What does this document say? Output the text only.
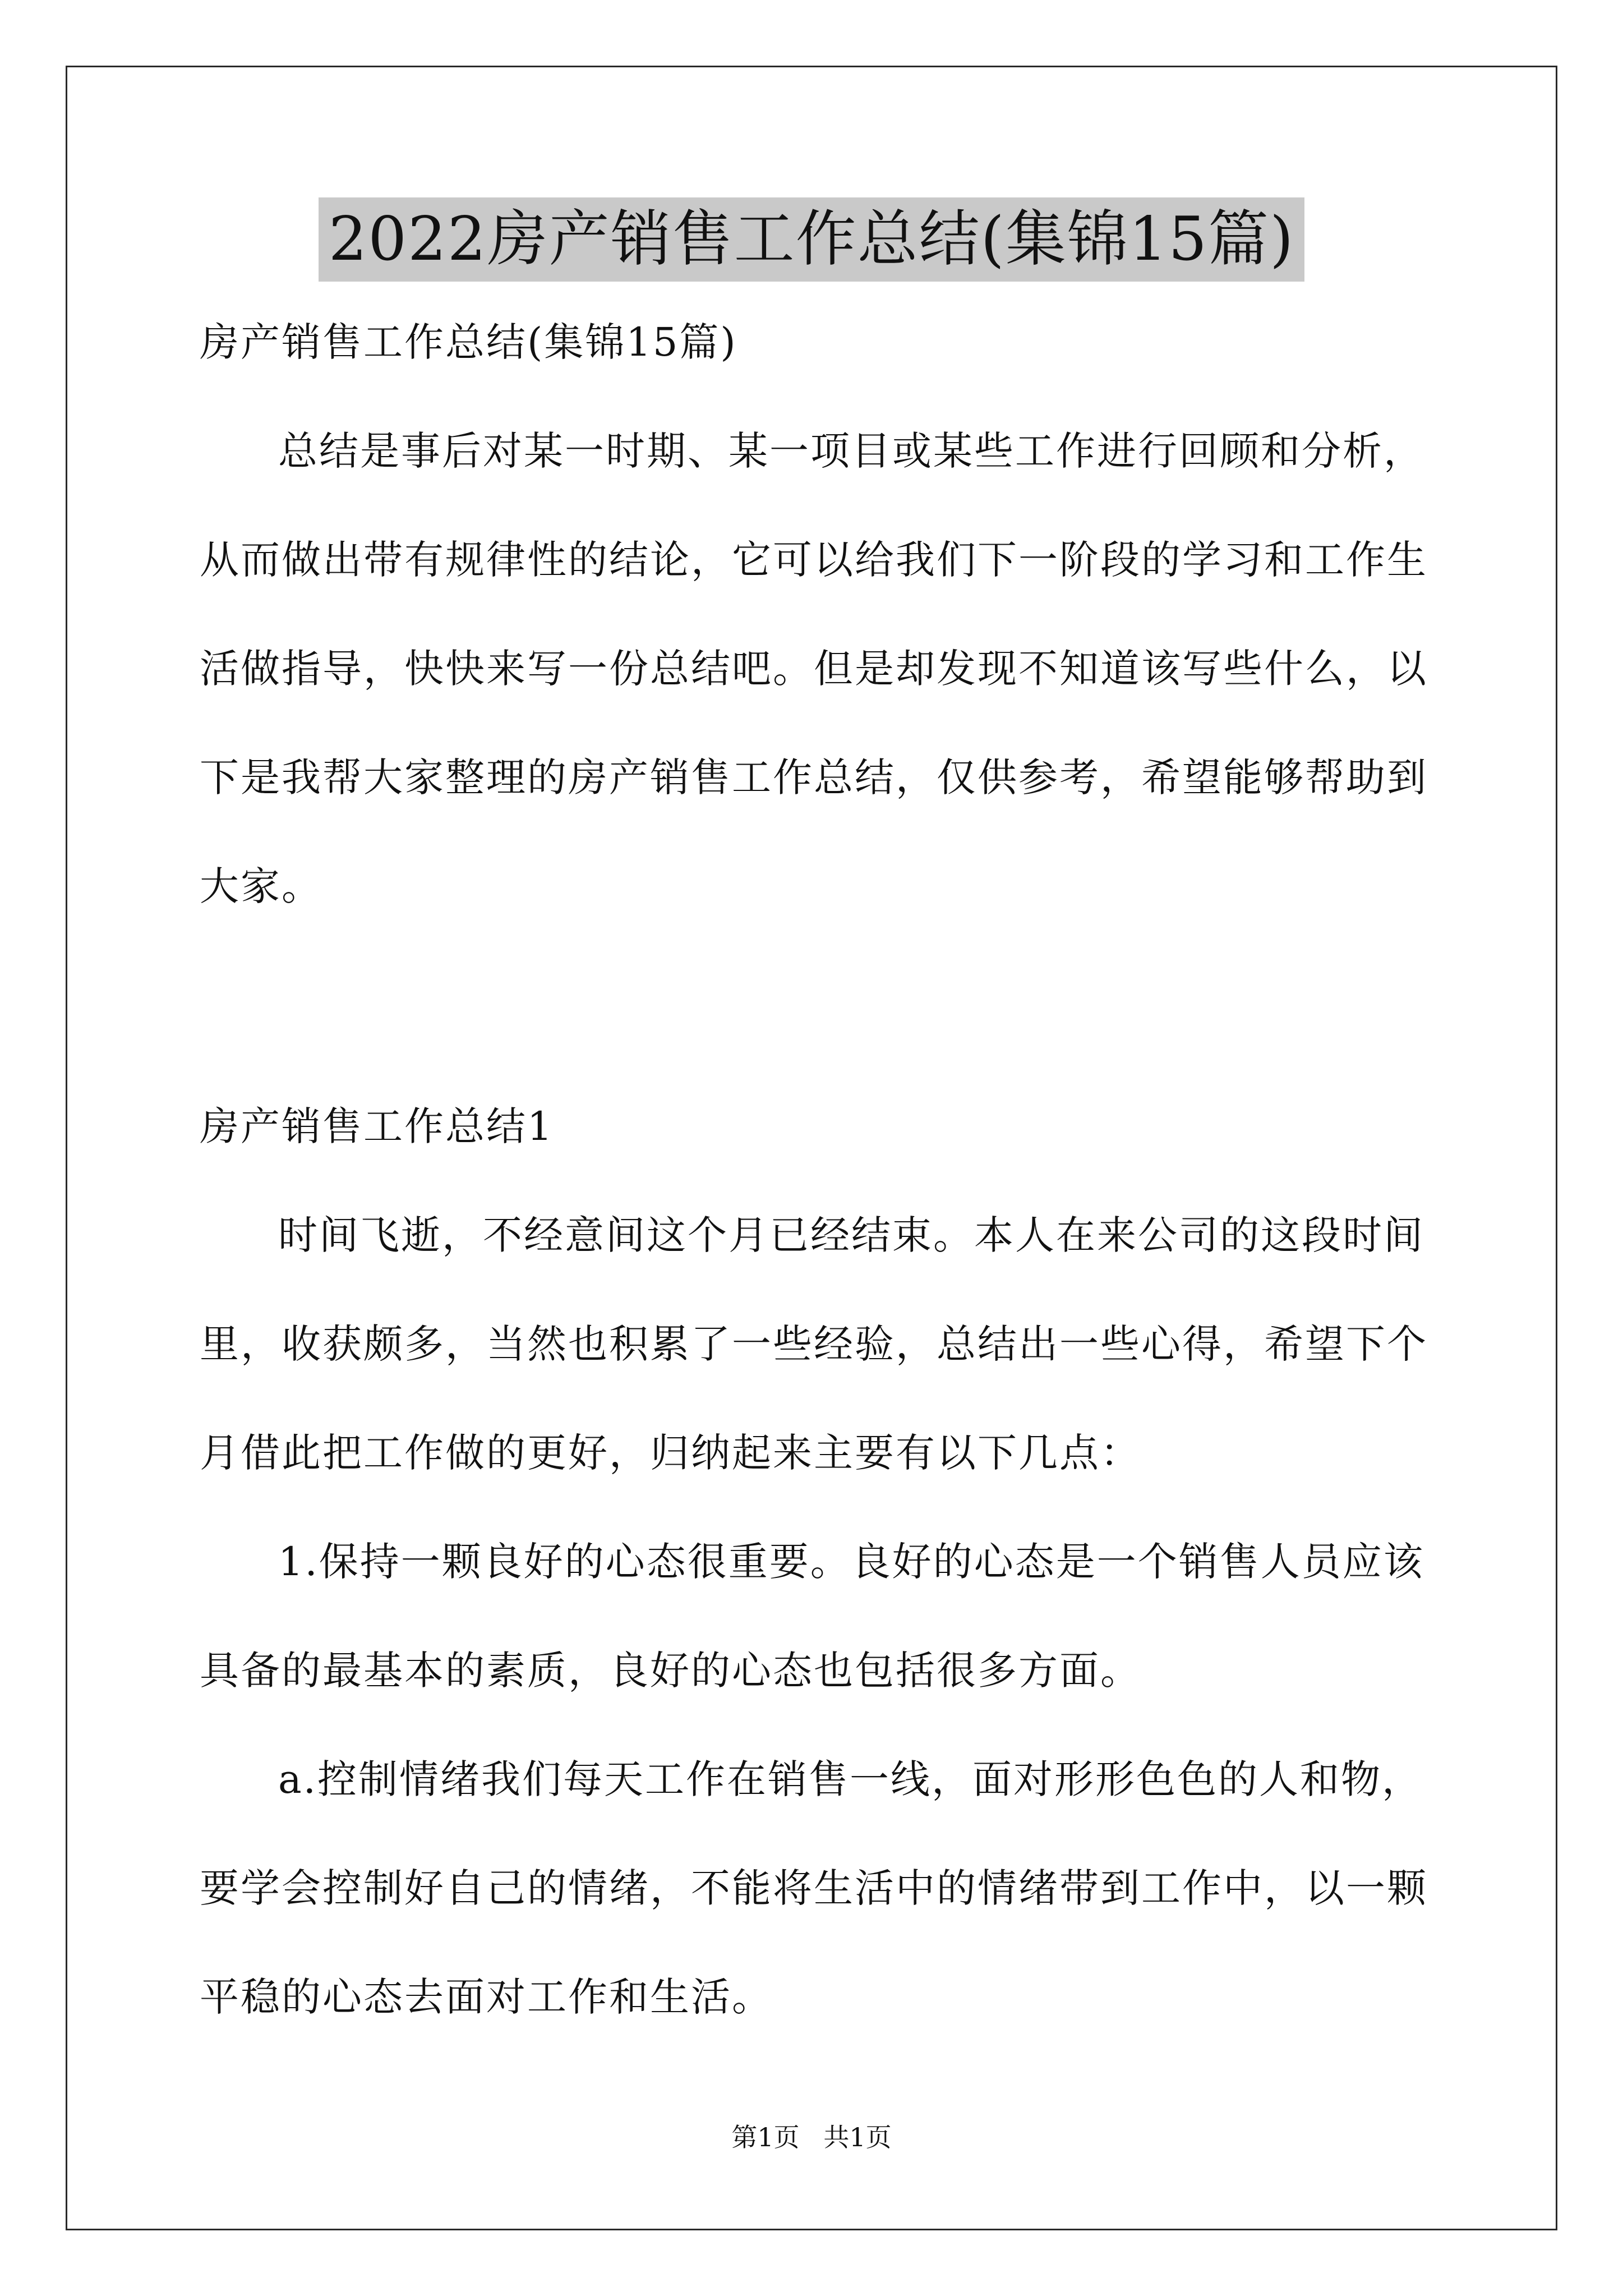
2022房产销售工作总结(集锦15篇)
房产销售工作总结(集锦15篇)
总结是事后对某一时期、某一项目或某些工作进行回顾和分析，
从而做出带有规律性的结论，它可以给我们下一阶段的学习和工作生
活做指导，快快来写一份总结吧。但是却发现不知道该写些什么，以
下是我帮大家整理的房产销售工作总结，仅供参考，希望能够帮助到
大家。
房产销售工作总结1
时间飞逝，不经意间这个月已经结束。本人在来公司的这段时间
里，收获颇多，当然也积累了一些经验，总结出一些心得，希望下个
月借此把工作做的更好，归纳起来主要有以下几点：
1.保持一颗良好的心态很重要。良好的心态是一个销售人员应该
具备的最基本的素质，良好的心态也包括很多方面。
a.控制情绪我们每天工作在销售一线，面对形形色色的人和物，
要学会控制好自己的情绪，不能将生活中的情绪带到工作中，以一颗
平稳的心态去面对工作和生活。
第1页 共1页
